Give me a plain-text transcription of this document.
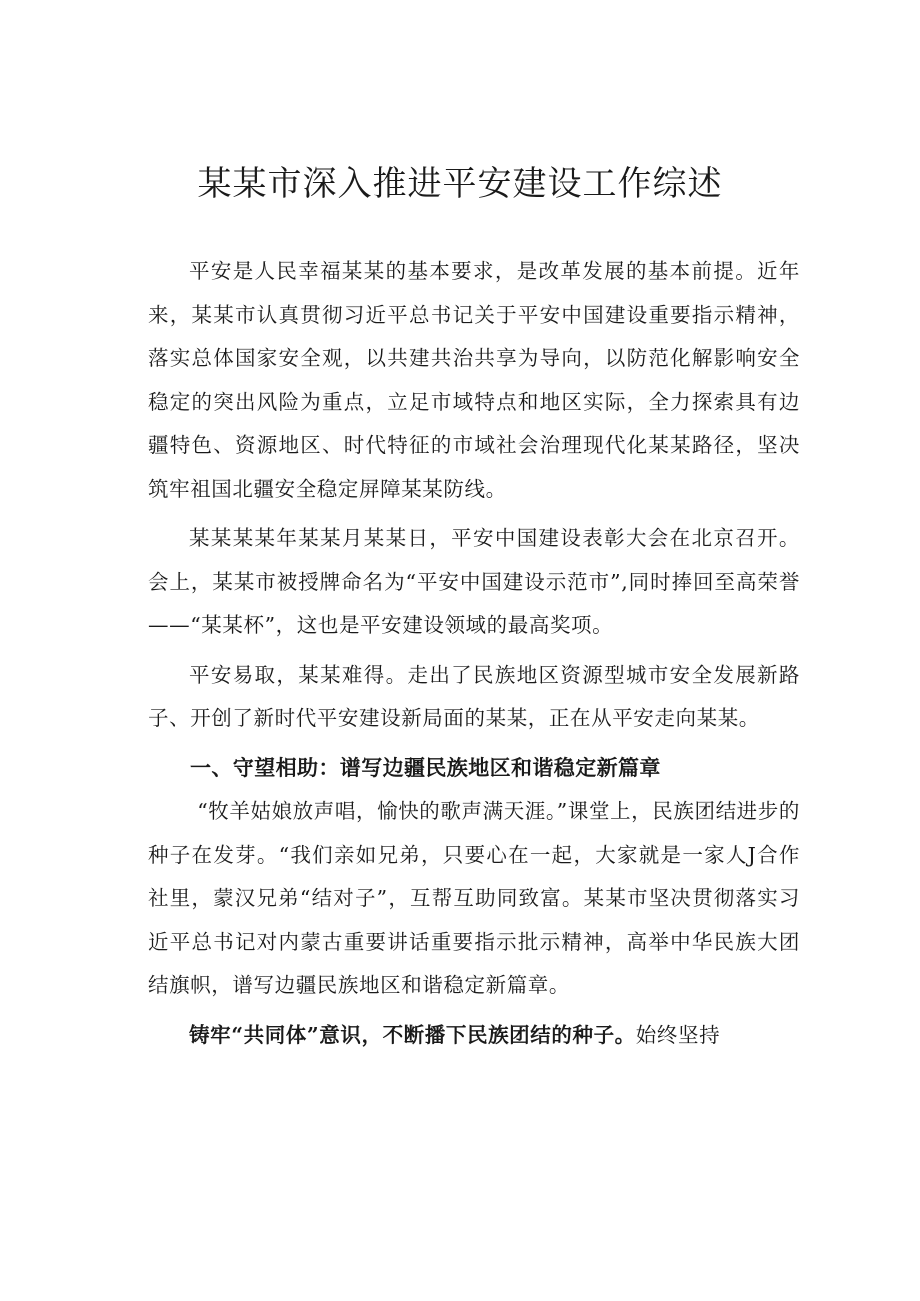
某某市深入推进平安建设工作综述

平安是人民幸福某某的基本要求，是改革发展的基本前提。近年来，某某市认真贯彻习近平总书记关于平安中国建设重要指示精神，落实总体国家安全观，以共建共治共享为导向，以防范化解影响安全稳定的突出风险为重点，立足市域特点和地区实际，全力探索具有边疆特色、资源地区、时代特征的市域社会治理现代化某某路径，坚决筑牢祖国北疆安全稳定屏障某某防线。

某某某某年某某月某某日，平安中国建设表彰大会在北京召开。会上，某某市被授牌命名为“平安中国建设示范市”,同时捧回至高荣誉——“某某杯”，这也是平安建设领域的最高奖项。

平安易取，某某难得。走出了民族地区资源型城市安全发展新路子、开创了新时代平安建设新局面的某某，正在从平安走向某某。

一、守望相助：谱写边疆民族地区和谐稳定新篇章

“牧羊姑娘放声唱，愉快的歌声满天涯。”课堂上，民族团结进步的种子在发芽。“我们亲如兄弟，只要心在一起，大家就是一家人J合作社里，蒙汉兄弟“结对子”，互帮互助同致富。某某市坚决贯彻落实习近平总书记对内蒙古重要讲话重要指示批示精神，高举中华民族大团结旗帜，谱写边疆民族地区和谐稳定新篇章。

铸牢“共同体”意识，不断播下民族团结的种子。始终坚持
